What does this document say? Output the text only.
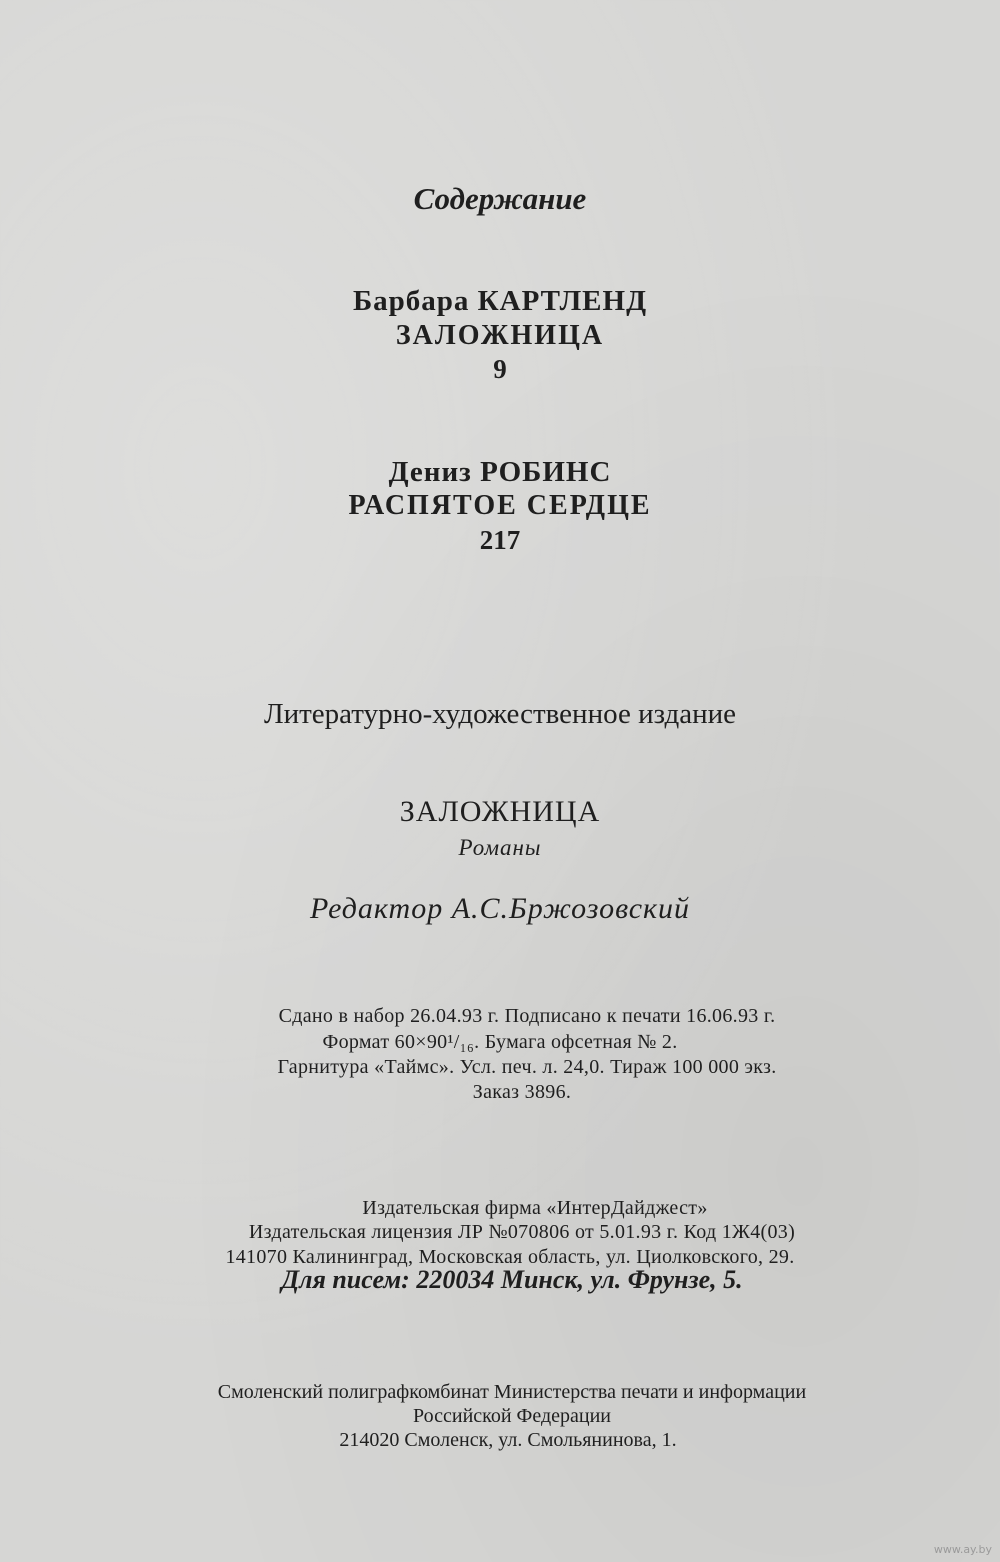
Содержание
Барбара КАРТЛЕНД
ЗАЛОЖНИЦА
9
Дениз РОБИНС
РАСПЯТОЕ СЕРДЦЕ
217
Литературно-художественное издание
ЗАЛОЖНИЦА
Романы
Редактор А.С.Бржозовский
Сдано в набор 26.04.93 г. Подписано к печати 16.06.93 г.
Формат 60×90¹/₁₆. Бумага офсетная № 2.
Гарнитура «Таймс». Усл. печ. л. 24,0. Тираж 100 000 экз.
Заказ 3896.
Издательская фирма «ИнтерДайджест»
Издательская лицензия ЛР №070806 от 5.01.93 г. Код 1Ж4(03)
141070 Калининград, Московская область, ул. Циолковского, 29.
Для писем: 220034 Минск, ул. Фрунзе, 5.
Смоленский полиграфкомбинат Министерства печати и информации
Российской Федерации
214020 Смоленск, ул. Смольянинова, 1.
www.ay.by
